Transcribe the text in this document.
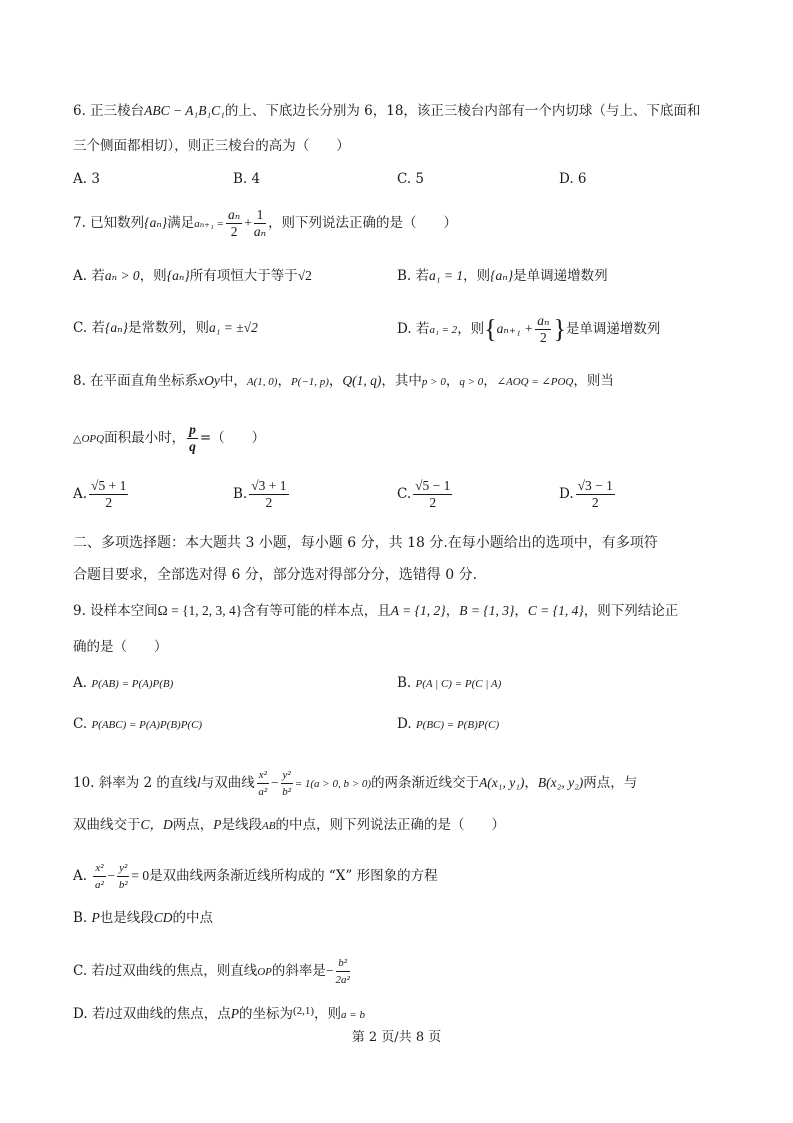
6. 正三棱台ABC − A₁B₁C₁的上、下底边长分别为 6，18，该正三棱台内部有一个内切球（与上、下底面和
三个侧面都相切），则正三棱台的高为（　　）
A. 3	B. 4	C. 5	D. 6
7. 已知数列{aₙ}满足$a_{n+1} = \frac{\text{aₙ}}{2} + \frac{1}{\text{aₙ}}$ ，则下列说法正确的是（　　）
A. 若aₙ > 0，则{aₙ}所有项恒大于等于√2	B. 若a₁ = 1，则{aₙ}是单调递增数列
C. 若{aₙ}是常数列，则a₁ = ±√2	D. 若a₁ = 2，则{$a_{n+1} + \frac{\text{aₙ}}{2}$ }是单调递增数列
8. 在平面直角坐标系xOy中，A(1, 0)，P(−1, p)，Q(1, q)，其中p > 0，q > 0，∠AOQ = ∠POQ，则当
△OPQ面积最小时， $\frac{p}{q}$ =（　　）
A. $\frac{√5 + 1}{2}$	B. $\frac{√3 + 1}{2}$	C. $\frac{√5 - 1}{2}$	D. $\frac{√3 - 1}{2}$
二、多项选择题：本大题共 3 小题，每小题 6 分，共 18 分.在每小题给出的选项中，有多项符
合题目要求，全部选对得 6 分，部分选对得部分分，选错得 0 分.
9. 设样本空间Ω = {1, 2, 3, 4}含有等可能的样本点，且A = {1, 2}，B = {1, 3}，C = {1, 4}，则下列结论正
确的是（　　）
A. P(AB) = P(A)P(B)	B. P(A | C) = P(C | A)
C. P(ABC) = P(A)P(B)P(C)	D. P(BC) = P(B)P(C)
10. 斜率为 2 的直线l与双曲线 $\frac{\text{x²}}{\text{a²}} - \frac{\text{y²}}{\text{b²}} = 1(a > 0$, b > 0)的两条渐近线交于A(x₁, y₁)，B(x₂, y₂)两点，与
双曲线交于C，D两点，P是线段AB的中点，则下列说法正确的是（　　）
A. $\frac{\text{x²}}{\text{a²}} - \frac{\text{y²}}{\text{b²}} = 0$是双曲线两条渐近线所构成的 “X” 形图象的方程
B. P也是线段CD的中点
C. 若l过双曲线的焦点，则直线OP的斜率是− $\frac{\text{b²}}{\text{2a²}}$
D. 若l过双曲线的焦点，点P的坐标为$^{(2,1)}$，则a = b
第 2 页/共 8 页
